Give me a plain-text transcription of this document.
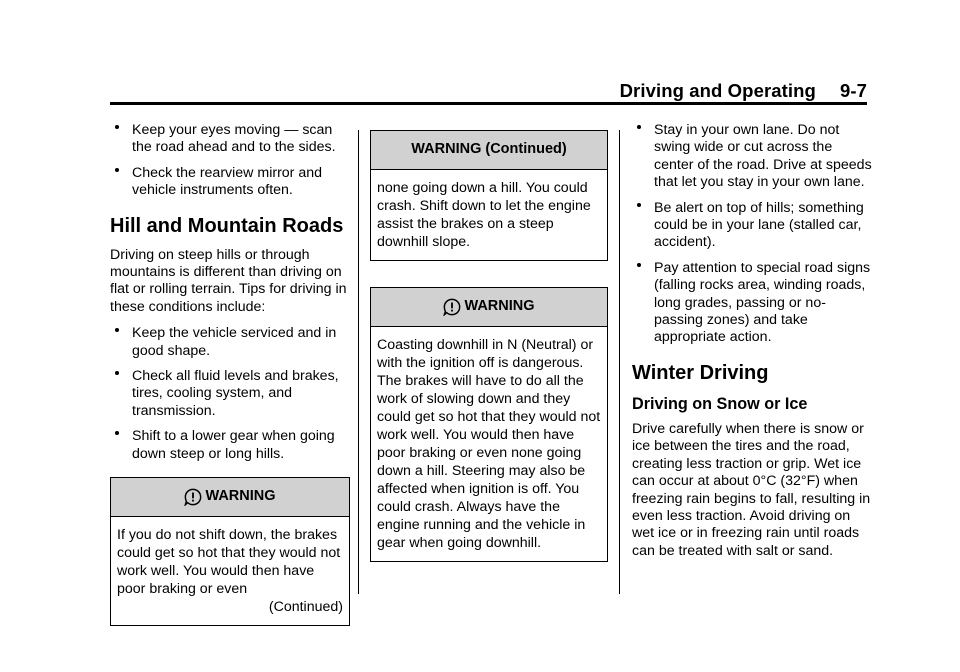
Driving and Operating 9-7
Keep your eyes moving — scan the road ahead and to the sides.
Check the rearview mirror and vehicle instruments often.
Hill and Mountain Roads

Driving on steep hills or through mountains is different than driving on flat or rolling terrain. Tips for driving in these conditions include:

Keep the vehicle serviced and in good shape.
Check all fluid levels and brakes, tires, cooling system, and transmission.
Shift to a lower gear when going down steep or long hills.
WARNING
If you do not shift down, the brakes could get so hot that they would not work well. You would then have poor braking or even
(Continued)
WARNING (Continued)
none going down a hill. You could crash. Shift down to let the engine assist the brakes on a steep downhill slope.
WARNING
Coasting downhill in N (Neutral) or with the ignition off is dangerous. The brakes will have to do all the work of slowing down and they could get so hot that they would not work well. You would then have poor braking or even none going down a hill. Steering may also be affected when ignition is off. You could crash. Always have the engine running and the vehicle in gear when going downhill.
Stay in your own lane. Do not swing wide or cut across the center of the road. Drive at speeds that let you stay in your own lane.
Be alert on top of hills; something could be in your lane (stalled car, accident).
Pay attention to special road signs (falling rocks area, winding roads, long grades, passing or no-passing zones) and take appropriate action.
Winter Driving
Driving on Snow or Ice

Drive carefully when there is snow or ice between the tires and the road, creating less traction or grip. Wet ice can occur at about 0°C (32°F) when freezing rain begins to fall, resulting in even less traction. Avoid driving on wet ice or in freezing rain until roads can be treated with salt or sand.
